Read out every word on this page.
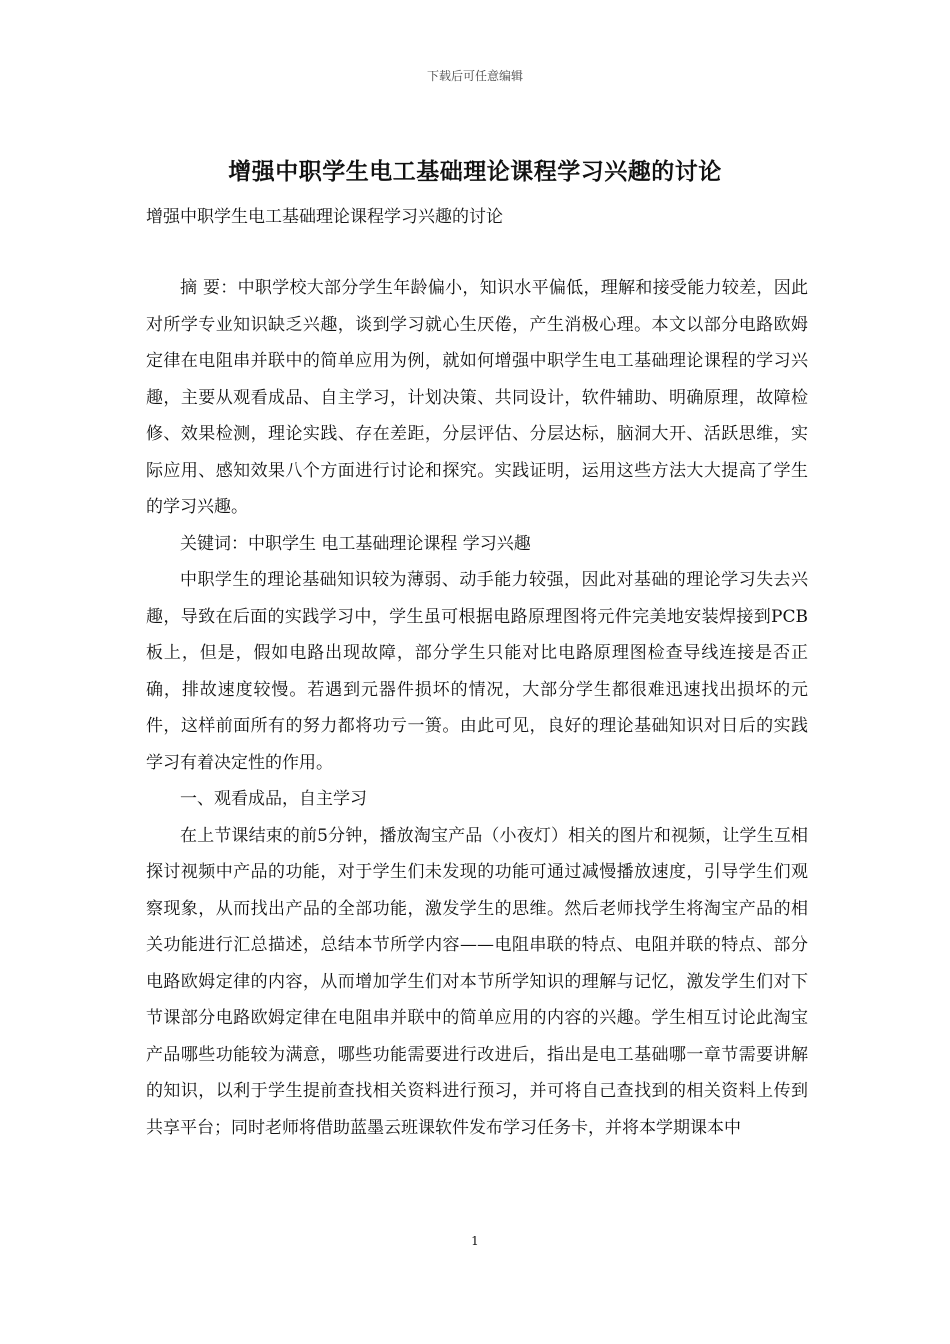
下载后可任意编辑
增强中职学生电工基础理论课程学习兴趣的讨论
增强中职学生电工基础理论课程学习兴趣的讨论

摘 要：中职学校大部分学生年龄偏小，知识水平偏低，理解和接受能力较差，因此对所学专业知识缺乏兴趣，谈到学习就心生厌倦，产生消极心理。本文以部分电路欧姆定律在电阻串并联中的简单应用为例，就如何增强中职学生电工基础理论课程的学习兴趣，主要从观看成品、自主学习，计划决策、共同设计，软件辅助、明确原理，故障检修、效果检测，理论实践、存在差距，分层评估、分层达标，脑洞大开、活跃思维，实际应用、感知效果八个方面进行讨论和探究。实践证明，运用这些方法大大提高了学生的学习兴趣。

关键词：中职学生 电工基础理论课程 学习兴趣

中职学生的理论基础知识较为薄弱、动手能力较强，因此对基础的理论学习失去兴趣，导致在后面的实践学习中，学生虽可根据电路原理图将元件完美地安装焊接到PCB板上，但是，假如电路出现故障，部分学生只能对比电路原理图检查导线连接是否正确，排故速度较慢。若遇到元器件损坏的情况，大部分学生都很难迅速找出损坏的元件，这样前面所有的努力都将功亏一篑。由此可见，良好的理论基础知识对日后的实践学习有着决定性的作用。

一、观看成品，自主学习

在上节课结束的前5分钟，播放淘宝产品（小夜灯）相关的图片和视频，让学生互相探讨视频中产品的功能，对于学生们未发现的功能可通过减慢播放速度，引导学生们观察现象，从而找出产品的全部功能，激发学生的思维。然后老师找学生将淘宝产品的相关功能进行汇总描述，总结本节所学内容——电阻串联的特点、电阻并联的特点、部分电路欧姆定律的内容，从而增加学生们对本节所学知识的理解与记忆，激发学生们对下节课部分电路欧姆定律在电阻串并联中的简单应用的内容的兴趣。学生相互讨论此淘宝产品哪些功能较为满意，哪些功能需要进行改进后，指出是电工基础哪一章节需要讲解的知识，以利于学生提前查找相关资料进行预习，并可将自己查找到的相关资料上传到共享平台；同时老师将借助蓝墨云班课软件发布学习任务卡，并将本学期课本中

1
